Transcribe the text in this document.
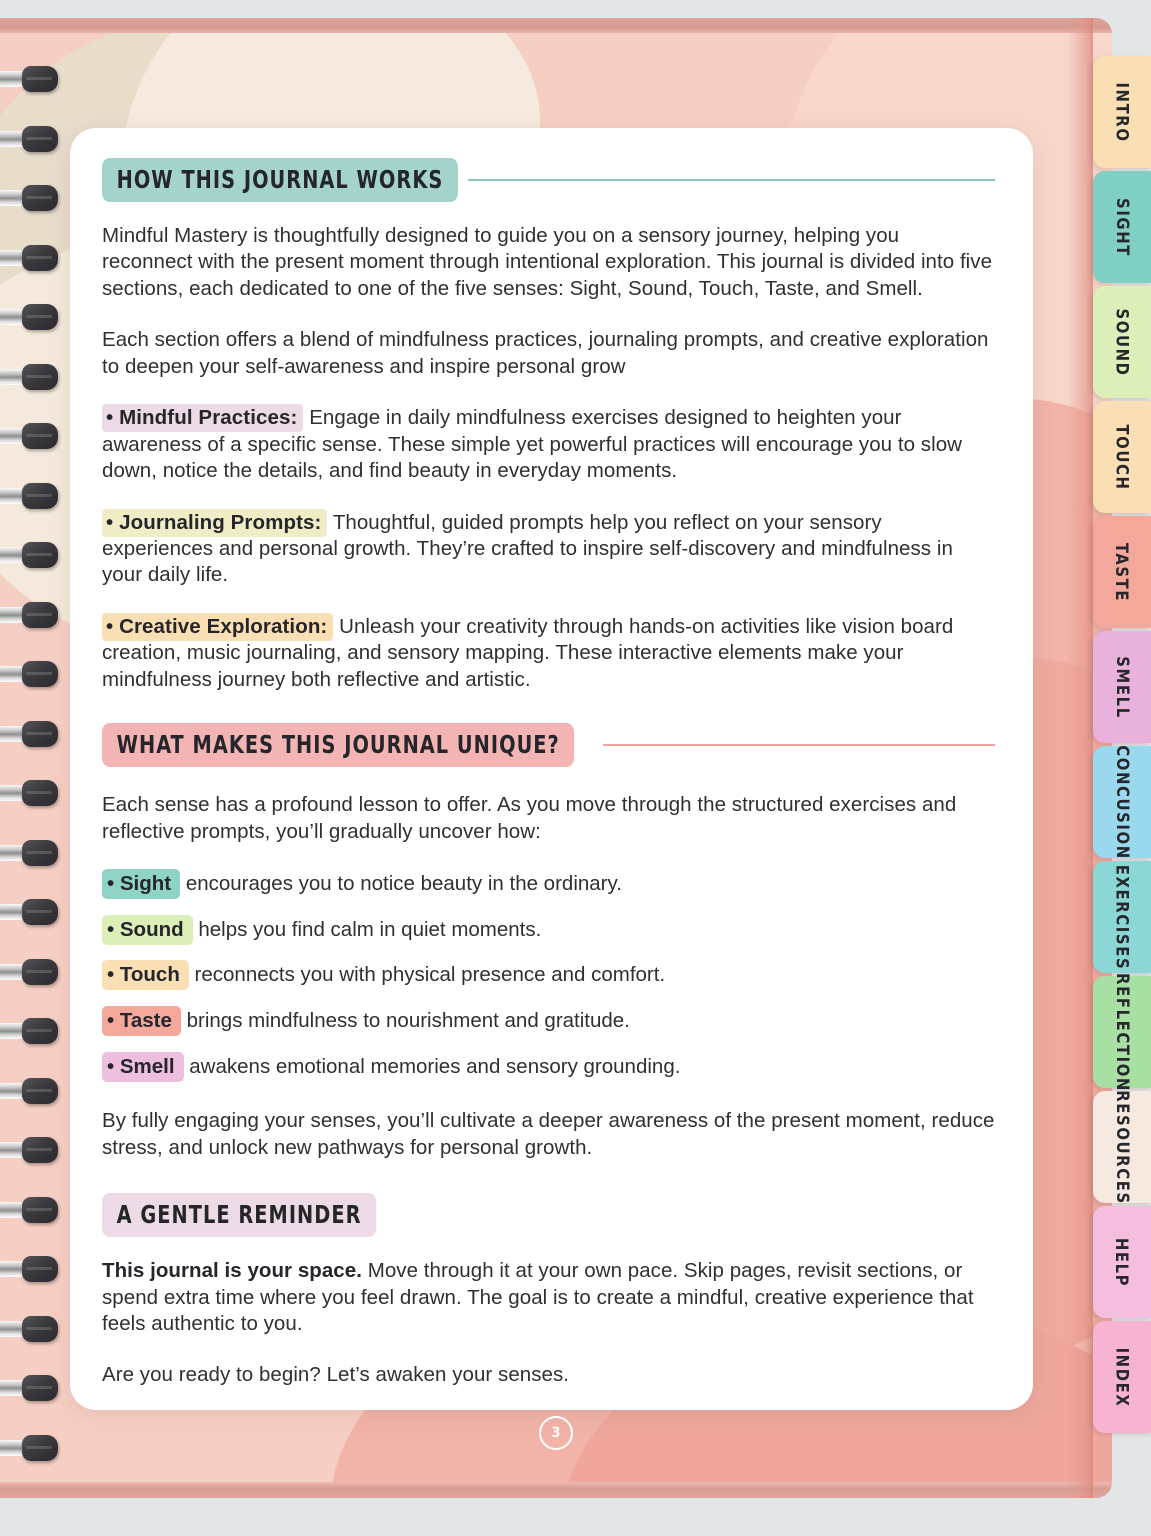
3
HOW THIS JOURNAL WORKS

Mindful Mastery is thoughtfully designed to guide you on a sensory journey, helping you reconnect with the present moment through intentional exploration. This journal is divided into five sections, each dedicated to one of the five senses: Sight, Sound, Touch, Taste, and Smell.

Each section offers a blend of mindfulness practices, journaling prompts, and creative exploration to deepen your self-awareness and inspire personal grow

• Mindful Practices: Engage in daily mindfulness exercises designed to heighten your awareness of a specific sense. These simple yet powerful practices will encourage you to slow down, notice the details, and find beauty in everyday moments.

• Journaling Prompts: Thoughtful, guided prompts help you reflect on your sensory experiences and personal growth. They’re crafted to inspire self-discovery and mindfulness in your daily life.

• Creative Exploration: Unleash your creativity through hands-on activities like vision board creation, music journaling, and sensory mapping. These interactive elements make your mindfulness journey both reflective and artistic.

WHAT MAKES THIS JOURNAL UNIQUE?

Each sense has a profound lesson to offer. As you move through the structured exercises and reflective prompts, you’ll gradually uncover how:

• Sight encourages you to notice beauty in the ordinary.
• Sound helps you find calm in quiet moments.
• Touch reconnects you with physical presence and comfort.
• Taste brings mindfulness to nourishment and gratitude.
• Smell awakens emotional memories and sensory grounding.

By fully engaging your senses, you’ll cultivate a deeper awareness of the present moment, reduce stress, and unlock new pathways for personal growth.

A GENTLE REMINDER

This journal is your space. Move through it at your own pace. Skip pages, revisit sections, or spend extra time where you feel drawn. The goal is to create a mindful, creative experience that feels authentic to you.

Are you ready to begin? Let’s awaken your senses.

INTRO
SIGHT
SOUND
TOUCH
TASTE
SMELL
CONCUSION
EXERCISES
REFLECTION
RESOURCES
HELP
INDEX
